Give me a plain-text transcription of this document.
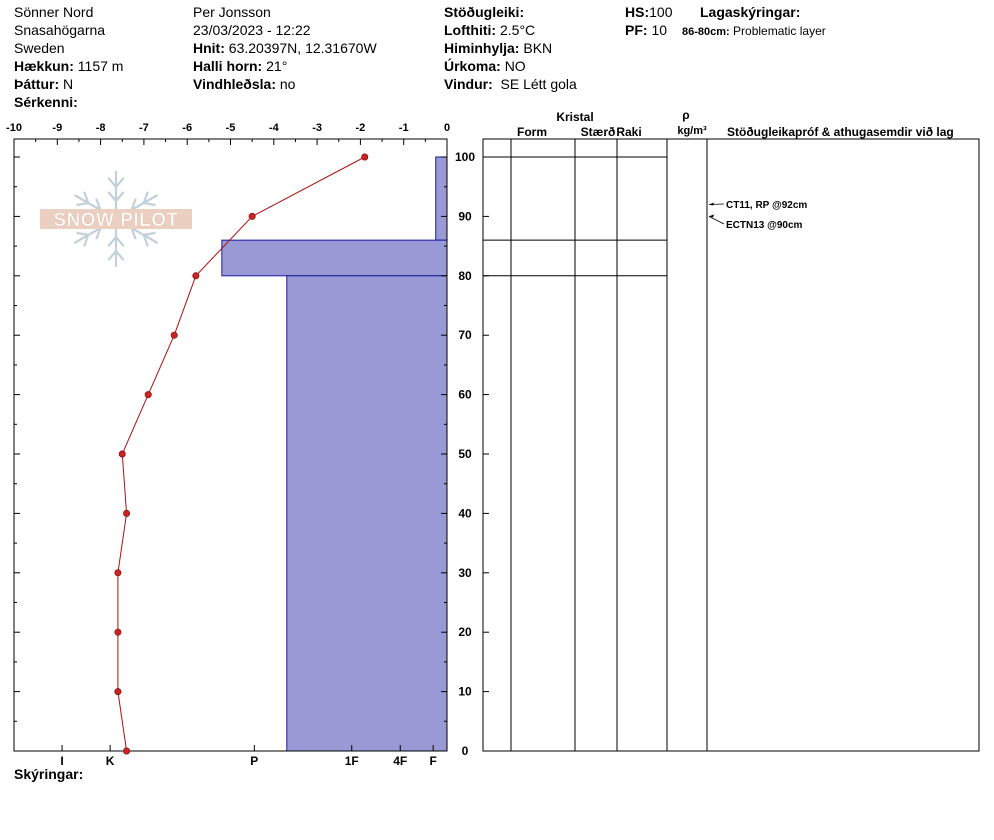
Sönner Nord
Snasahögarna
Sweden
Hækkun: 1157 m
Þáttur: N
Sérkenni:
Per Jonsson
23/03/2023 - 12:22
Hnit: 63.20397N, 12.31670W
Halli horn: 21°
Vindhleðsla: no
Stöðugleiki:
Lofthiti: 2.5°C
Himinhylja: BKN
Úrkoma: NO
Vindur: SE Létt gola
HS:100
PF: 10
Lagaskýringar:
86-80cm: Problematic layer
Skýringar:
SNOW PILOT
-10	-9	-8	-7	-6	-5	-4	-3	-2	-1	0
0
10
20
30
40
50
60
70
80
90
100
I	K	P	1F	4F F
CT11, RP @92cm
ECTN13 @90cm
Kristal
Form	Stærð Raki
ρ
kg/m³ Stöðugleikapróf & athugasemdir við lag
